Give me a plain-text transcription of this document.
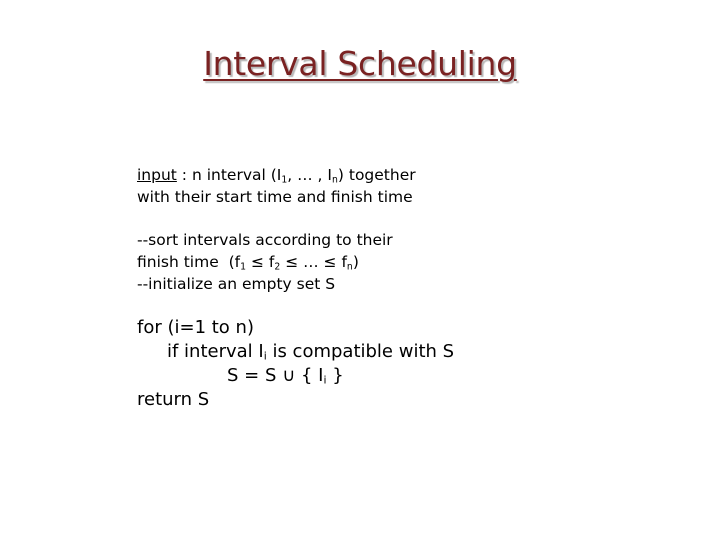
Interval Scheduling
input : n interval ($I_1$, … , $I_n$) together
with their start time and finish time
--sort intervals according to their
finish time  ($f_1 \le f_2$ ≤ … ≤ $f_n$)
--initialize an empty set S
for (i=1 to n)
if interval $I_i$ is compatible with S
S = S ∪ { $I_i$ }
return S
